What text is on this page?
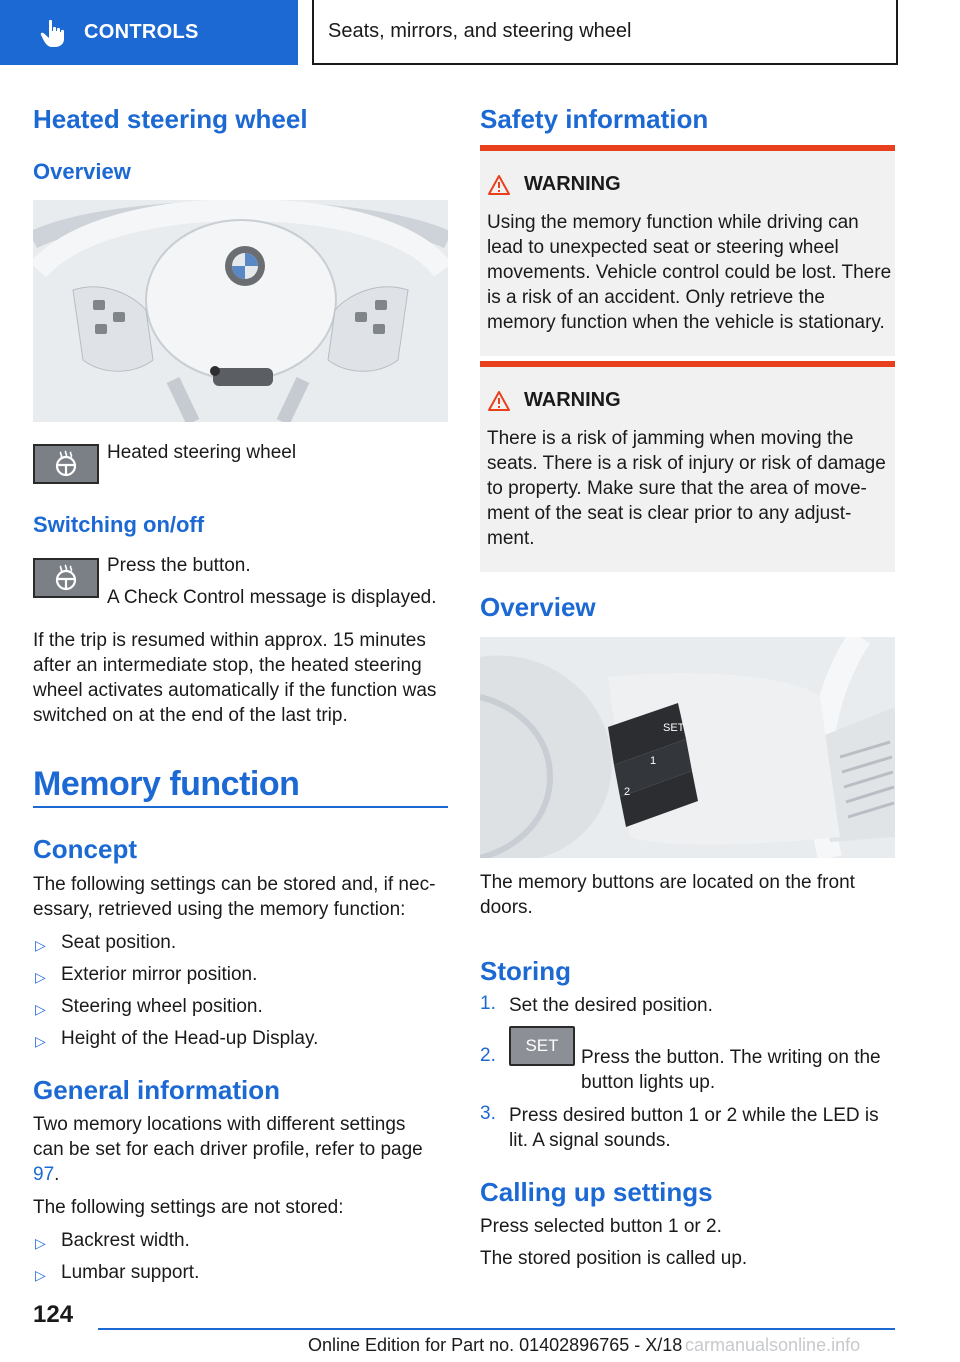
CONTROLS	Seats, mirrors, and steering wheel
Heated steering wheel
Overview
Heated steering wheel
Switching on/off
Press the button.
A Check Control message is displayed.
If the trip is resumed within approx. 15 minutes after an intermediate stop, the heated steering wheel activates automatically if the function was switched on at the end of the last trip.
Memory function
Concept
The following settings can be stored and, if nec‐essary, retrieved using the memory function:
▷ Seat position.
▷ Exterior mirror position.
▷ Steering wheel position.
▷ Height of the Head-up Display.
General information
Two memory locations with different settings can be set for each driver profile, refer to page 97.
The following settings are not stored:
▷ Backrest width.
▷ Lumbar support.
Safety information
WARNING
Using the memory function while driving can lead to unexpected seat or steering wheel movements. Vehicle control could be lost. There is a risk of an accident. Only retrieve the memory function when the vehicle is stationary.
WARNING
There is a risk of jamming when moving the seats. There is a risk of injury or risk of damage to property. Make sure that the area of move‐ment of the seat is clear prior to any adjust‐ment.
Overview
SET
1
2
The memory buttons are located on the front doors.
Storing
1. Set the desired position.
2.	SET
Press the button. The writing on the button lights up.
3. Press desired button 1 or 2 while the LED is lit. A signal sounds.
Calling up settings
Press selected button 1 or 2.
The stored position is called up.
124
Online Edition for Part no. 01402896765 - X/18 carmanualsonline.info
